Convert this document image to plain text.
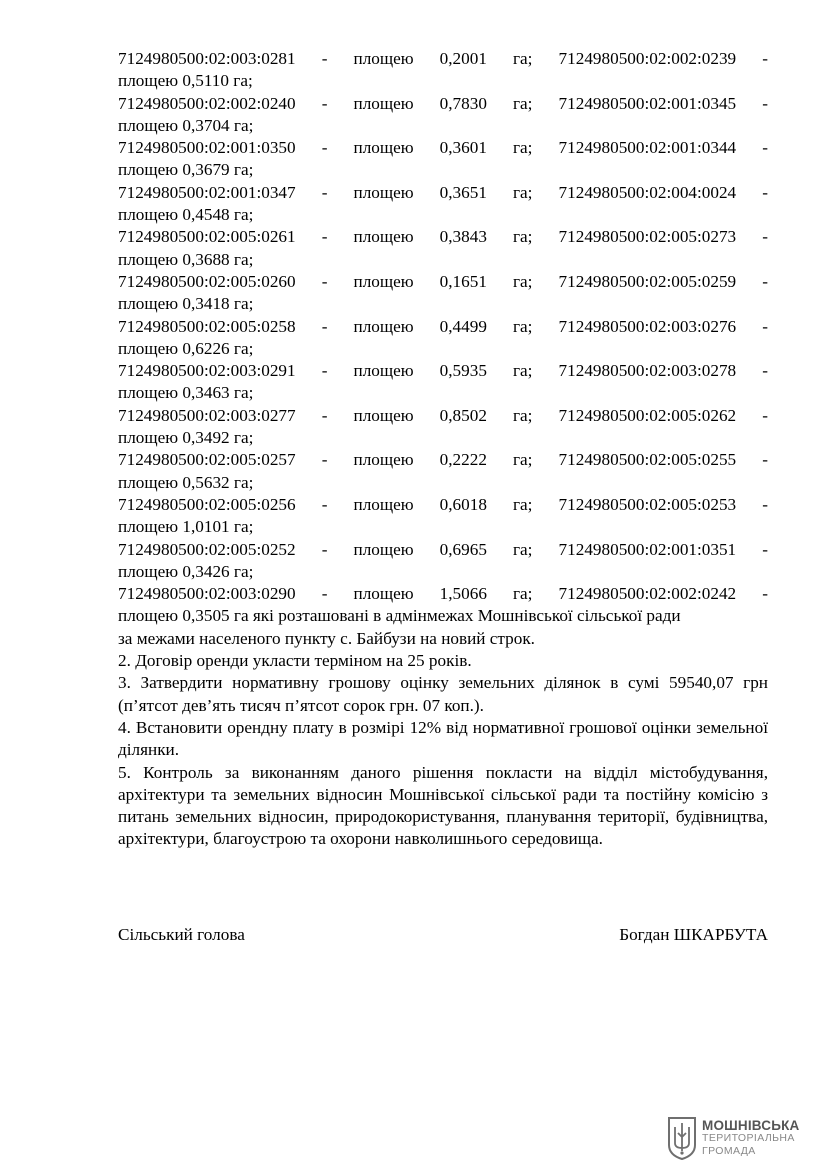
7124980500:02:003:0281 - площею 0,2001 га; 7124980500:02:002:0239 -
площею 0,5110 га;
7124980500:02:002:0240 - площею 0,7830 га; 7124980500:02:001:0345 -
площею 0,3704 га;
7124980500:02:001:0350 - площею 0,3601 га; 7124980500:02:001:0344 -
площею 0,3679 га;
7124980500:02:001:0347 - площею 0,3651 га; 7124980500:02:004:0024 -
площею 0,4548 га;
7124980500:02:005:0261 - площею 0,3843 га; 7124980500:02:005:0273 -
площею 0,3688 га;
7124980500:02:005:0260 - площею 0,1651 га; 7124980500:02:005:0259 -
площею 0,3418 га;
7124980500:02:005:0258 - площею 0,4499 га; 7124980500:02:003:0276 -
площею 0,6226 га;
7124980500:02:003:0291 - площею 0,5935 га; 7124980500:02:003:0278 -
площею 0,3463 га;
7124980500:02:003:0277 - площею 0,8502 га; 7124980500:02:005:0262 -
площею 0,3492 га;
7124980500:02:005:0257 - площею 0,2222 га; 7124980500:02:005:0255 -
площею 0,5632 га;
7124980500:02:005:0256 - площею 0,6018 га; 7124980500:02:005:0253 -
площею 1,0101 га;
7124980500:02:005:0252 - площею 0,6965 га; 7124980500:02:001:0351 -
площею 0,3426 га;
7124980500:02:003:0290 - площею 1,5066 га; 7124980500:02:002:0242 -
площею 0,3505 га які розташовані в адмінмежах Мошнівської сільської ради
за межами населеного пункту с. Байбузи на новий строк.
2. Договір оренди укласти терміном на 25 років.
3. Затвердити нормативну грошову оцінку земельних ділянок в сумі 59540,07 грн (п’ятсот дев’ять тисяч п’ятсот сорок грн. 07 коп.).
4. Встановити орендну плату в розмірі 12% від нормативної грошової оцінки земельної ділянки.
5. Контроль за виконанням даного рішення покласти на відділ містобудування, архітектури та земельних відносин Мошнівської сільської ради та постійну комісію з питань земельних відносин, природокористування, планування території, будівництва, архітектури, благоустрою та охорони навколишнього середовища.
Сільський голова	Богдан ШКАРБУТА
МОШНІВСЬКА
ТЕРИТОРІАЛЬНА
ГРОМАДА
